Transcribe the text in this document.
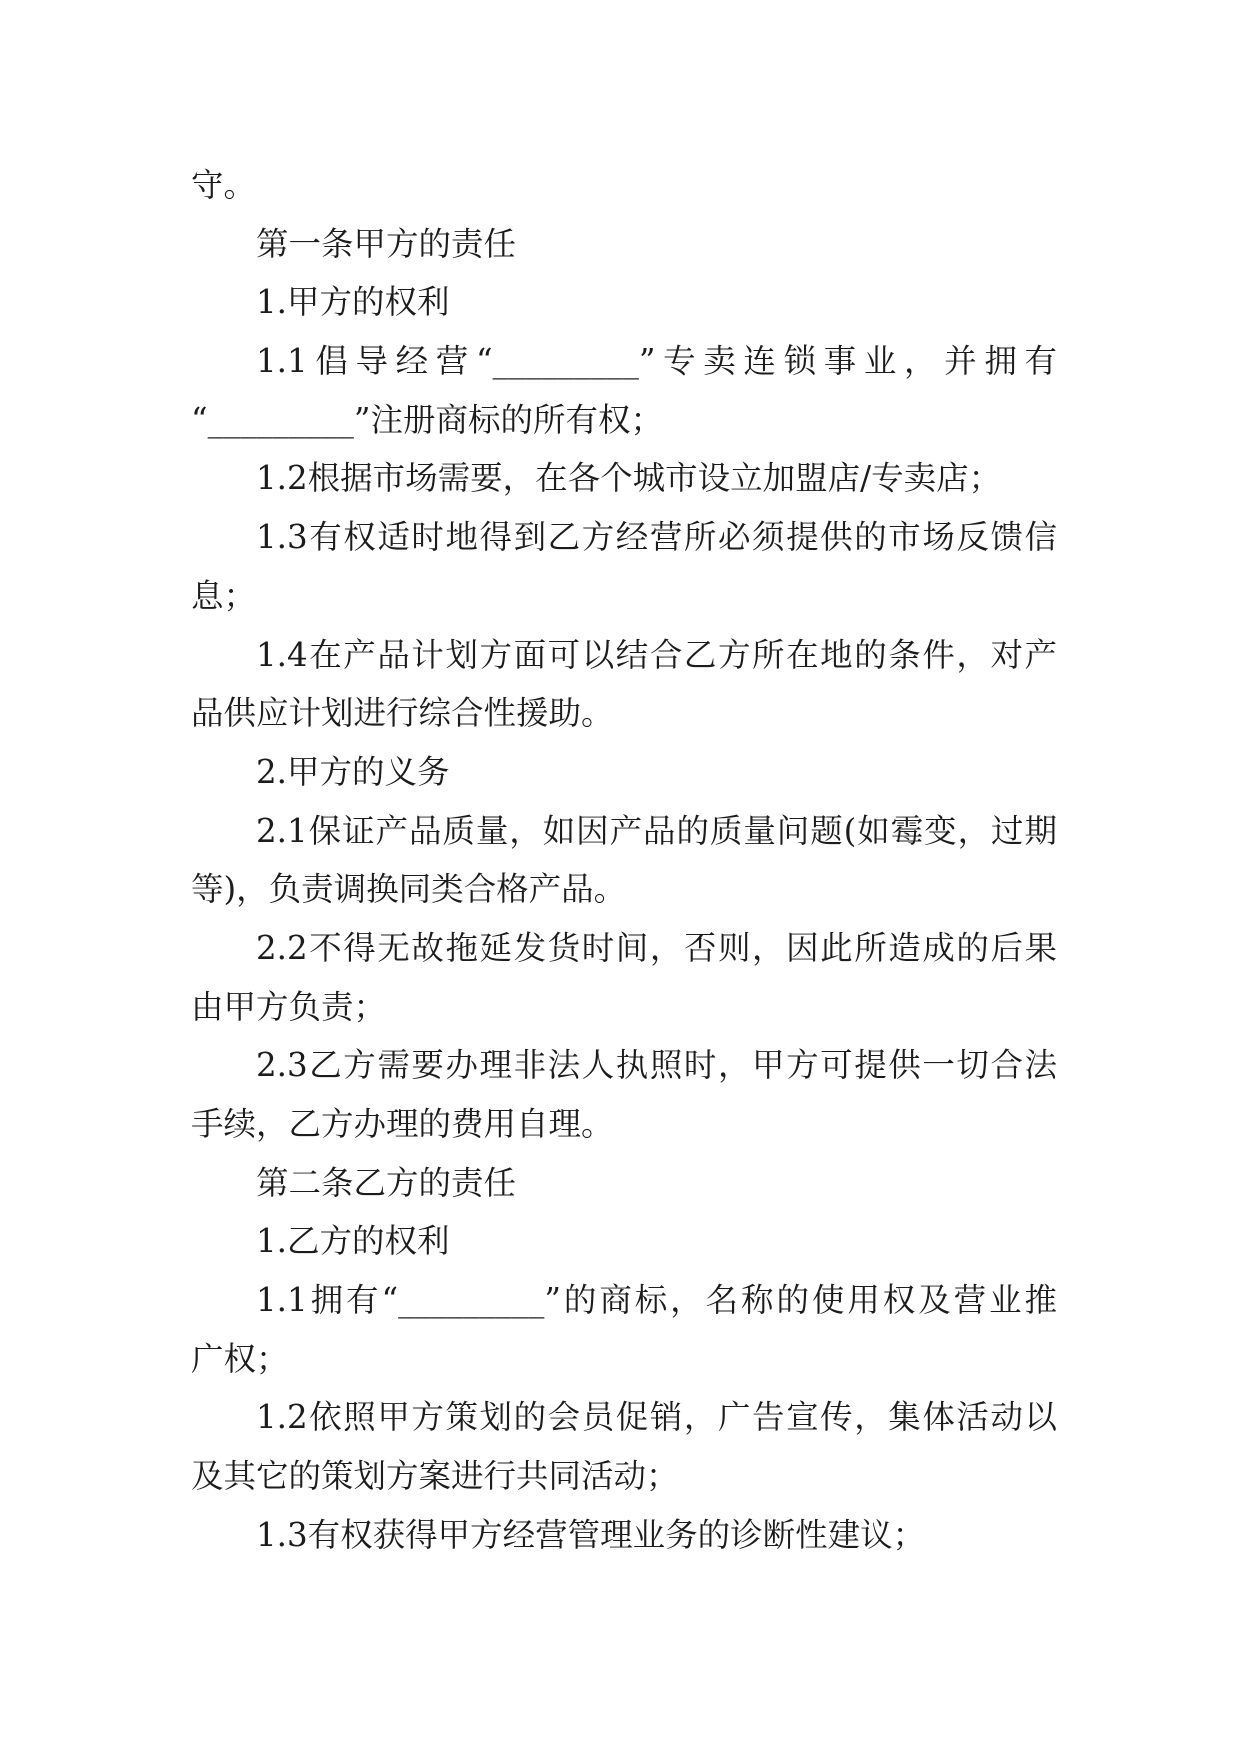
守。
第一条甲方的责任
1.甲方的权利
1.1倡导经营“_________”专卖连锁事业，并拥有
“_________”注册商标的所有权；
1.2根据市场需要，在各个城市设立加盟店/专卖店；
1.3有权适时地得到乙方经营所必须提供的市场反馈信
息；
1.4在产品计划方面可以结合乙方所在地的条件，对产
品供应计划进行综合性援助。
2.甲方的义务
2.1保证产品质量，如因产品的质量问题(如霉变，过期
等)，负责调换同类合格产品。
2.2不得无故拖延发货时间，否则，因此所造成的后果
由甲方负责；
2.3乙方需要办理非法人执照时，甲方可提供一切合法
手续，乙方办理的费用自理。
第二条乙方的责任
1.乙方的权利
1.1拥有“_________”的商标，名称的使用权及营业推
广权；
1.2依照甲方策划的会员促销，广告宣传，集体活动以
及其它的策划方案进行共同活动；
1.3有权获得甲方经营管理业务的诊断性建议；
